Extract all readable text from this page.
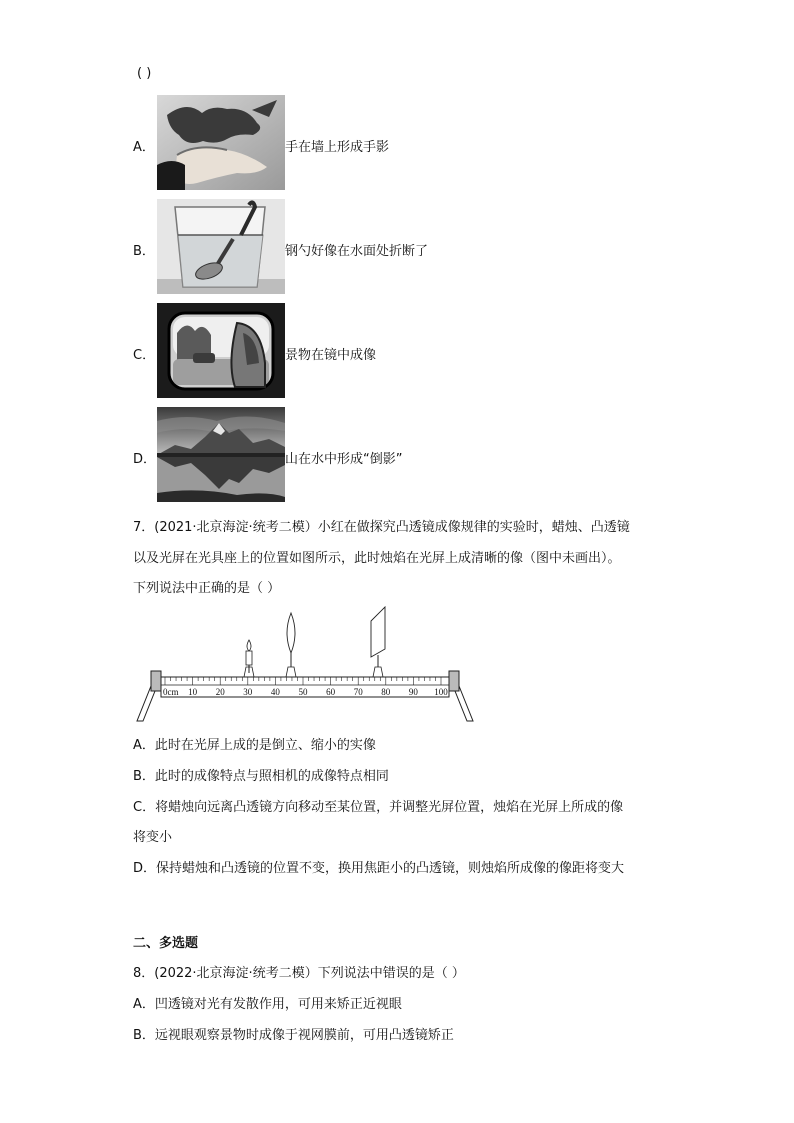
( )
A．	手在墙上形成手影
B．	钢勺好像在水面处折断了
C．	景物在镜中成像
D．	山在水中形成“倒影”
7．(2021·北京海淀·统考二模）小红在做探究凸透镜成像规律的实验时，蜡烛、凸透镜
以及光屏在光具座上的位置如图所示，此时烛焰在光屏上成清晰的像（图中未画出）。
下列说法中正确的是（ ）
0cm 10 20 30 40 50 60 70 80 90 100
A．此时在光屏上成的是倒立、缩小的实像
B．此时的成像特点与照相机的成像特点相同
C．将蜡烛向远离凸透镜方向移动至某位置，并调整光屏位置，烛焰在光屏上所成的像
将变小
D．保持蜡烛和凸透镜的位置不变，换用焦距小的凸透镜，则烛焰所成像的像距将变大
二、多选题
8．(2022·北京海淀·统考二模）下列说法中错误的是（ ）
A．凹透镜对光有发散作用，可用来矫正近视眼
B．远视眼观察景物时成像于视网膜前，可用凸透镜矫正
